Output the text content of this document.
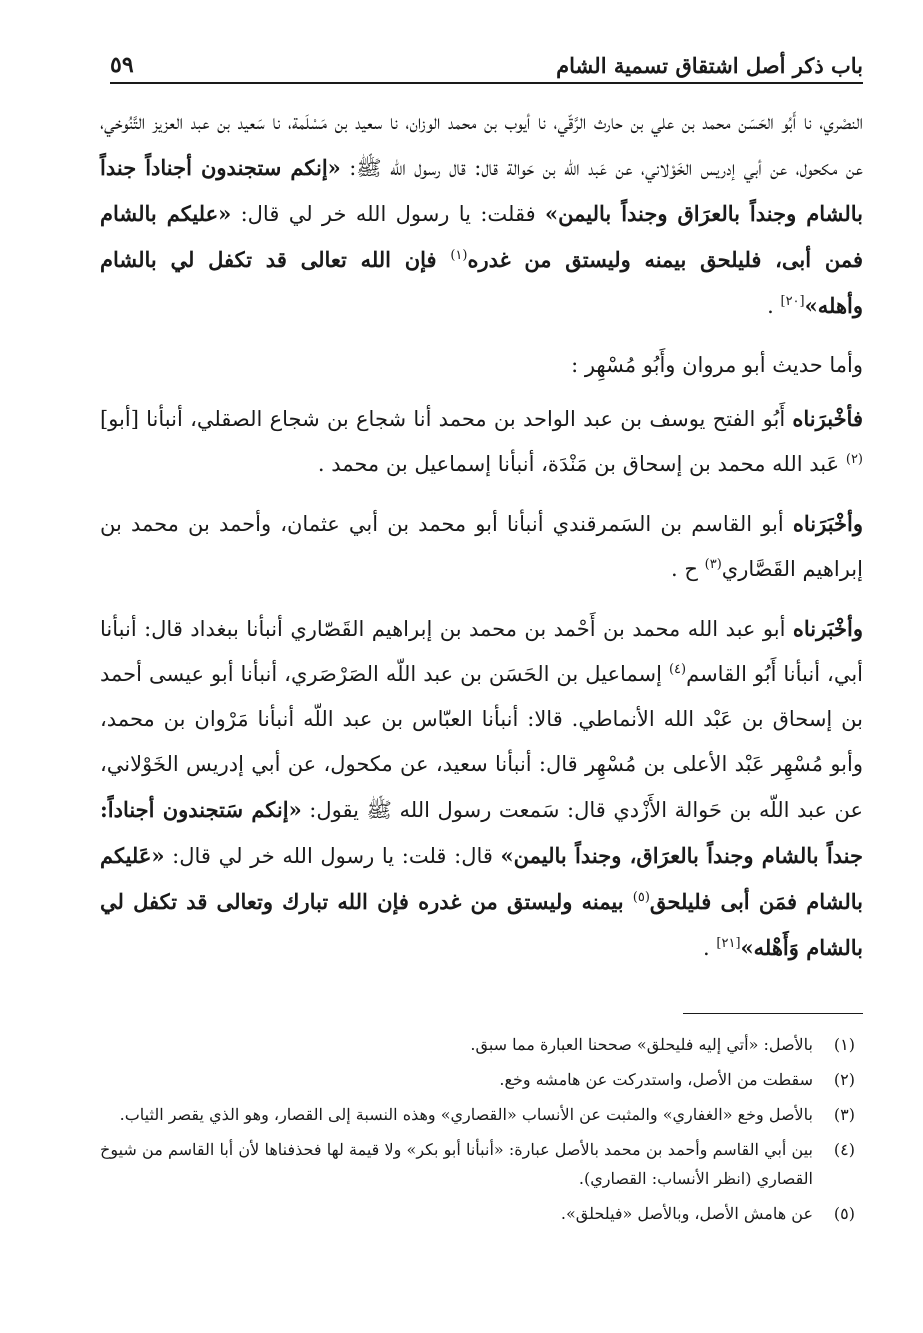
باب ذكر أصل اشتقاق تسمية الشام
٥٩

النصْري، نا أَبُو الحَسَن محمد بن علي بن حارث الرَّقّي، نا أيوب بن محمد الوزان، نا سعيد بن مَسْلَمة، نا سَعيد بن عبد العزيز التَّنُوخي، عن مكحول، عن أبي إدريس الخَوْلاني، عن عَبد الله بن حَوالة قال: قال رسول الله ﷺ: «إنكم ستجندون أجناداً جنداً بالشام وجنداً بالعرَاق وجنداً باليمن» فقلت: يا رسول الله خر لي قال: «عليكم بالشام فمن أبى، فليلحق بيمنه وليستق من غدره$^{(١)}$ فإن الله تعالى قد تكفل لي بالشام وأهله»[٢٠] .

وأما حديث أبو مروان وأَبُو مُسْهِر :

فأخْبرَناه أَبُو الفتح يوسف بن عبد الواحد بن محمد أنا شجاع بن شجاع الصقلي، أنبأنا [أبو]$^{(٢)}$ عَبد الله محمد بن إسحاق بن مَنْدَة، أنبأنا إسماعيل بن محمد .

وأخْبَرَناه أبو القاسم بن السَمرقندي أنبأنا أبو محمد بن أبي عثمان، وأحمد بن محمد بن إبراهيم القَصَّاري$^{(٣)}$ ح .

وأخْبَرناه أبو عبد الله محمد بن أَحْمد بن محمد بن إبراهيم القَصّاري أنبأنا ببغداد قال: أنبأنا أبي، أنبأنا أَبُو القاسم$^{(٤)}$ إسماعيل بن الحَسَن بن عبد اللّه الصَرْصَري، أنبأنا أبو عيسى أحمد بن إسحاق بن عَبْد الله الأنماطي. قالا: أنبأنا العبّاس بن عبد اللّه أنبأنا مَرْوان بن محمد، وأبو مُسْهِر عَبْد الأعلى بن مُسْهِر قال: أنبأنا سعيد، عن مكحول، عن أبي إدريس الخَوْلاني، عن عبد اللّه بن حَوالة الأَزْدي قال: سَمعت رسول الله ﷺ يقول: «إنكم سَتجندون أجناداً: جنداً بالشام وجنداً بالعرَاق، وجنداً باليمن» قال: قلت: يا رسول الله خر لي قال: «عَليكم بالشام فمَن أبى فليلحق$^{(٥)}$ بيمنه وليستق من غدره فإن الله تبارك وتعالى قد تكفل لي بالشام وَأَهْله»[٢١] .

(١)
بالأصل: «أتي إليه فليحلق» صححنا العبارة مما سبق.
(٢)
سقطت من الأصل، واستدركت عن هامشه وخع.
(٣)
بالأصل وخع «الغفاري» والمثبت عن الأنساب «القصاري» وهذه النسبة إلى القصار، وهو الذي يقصر الثياب.
(٤)
بين أبي القاسم وأحمد بن محمد بالأصل عبارة: «أنبأنا أبو بكر» ولا قيمة لها فحذفناها لأن أبا القاسم من شيوخ القصاري (انظر الأنساب: القصاري).
(٥)
عن هامش الأصل، وبالأصل «فيلحلق».
